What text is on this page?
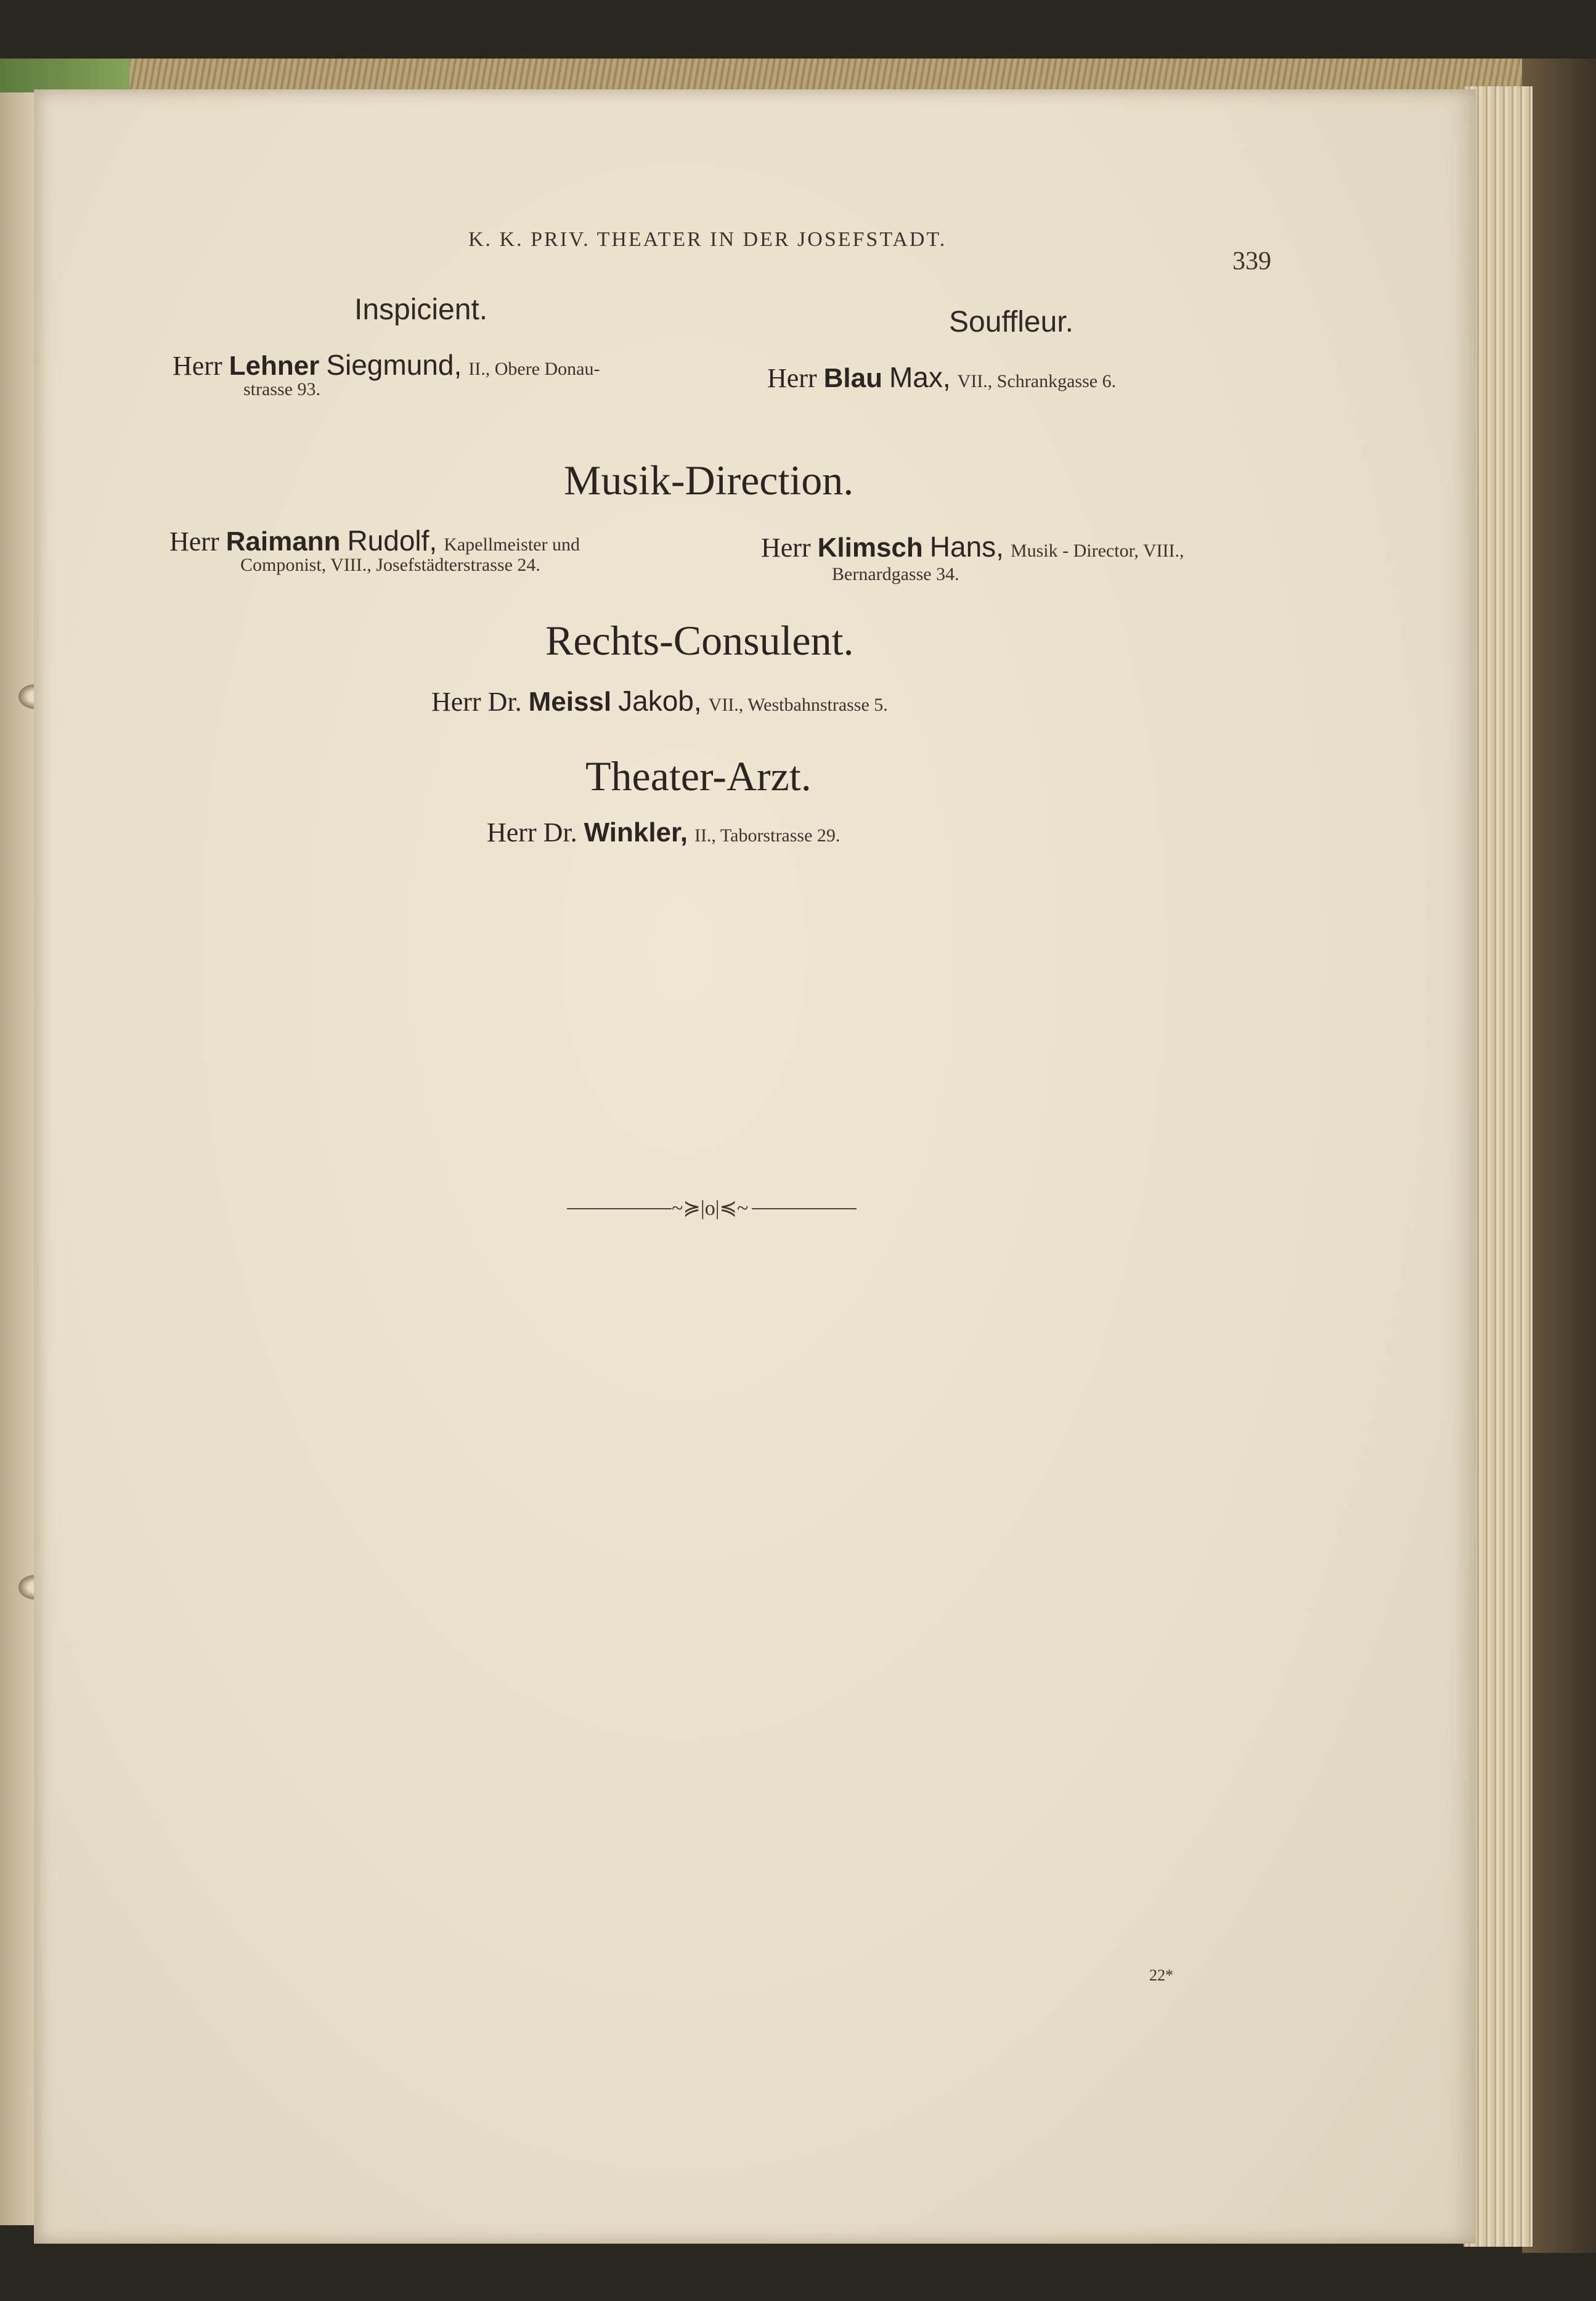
K. K. PRIV. THEATER IN DER JOSEFSTADT.
339
Inspicient.
Herr Lehner Siegmund, II., Obere Donau-
strasse 93.
Souffleur.
Herr Blau Max, VII., Schrankgasse 6.
Musik-Direction.
Herr Raimann Rudolf, Kapellmeister und
Componist, VIII., Josefstädterstrasse 24.
Herr Klimsch Hans, Musik - Director, VIII.,
Bernardgasse 34.
Rechts-Consulent.
Herr Dr. Meissl Jakob, VII., Westbahnstrasse 5.
Theater-Arzt.
Herr Dr. Winkler, II., Taborstrasse 29.
~≽|o|≼~
22*
